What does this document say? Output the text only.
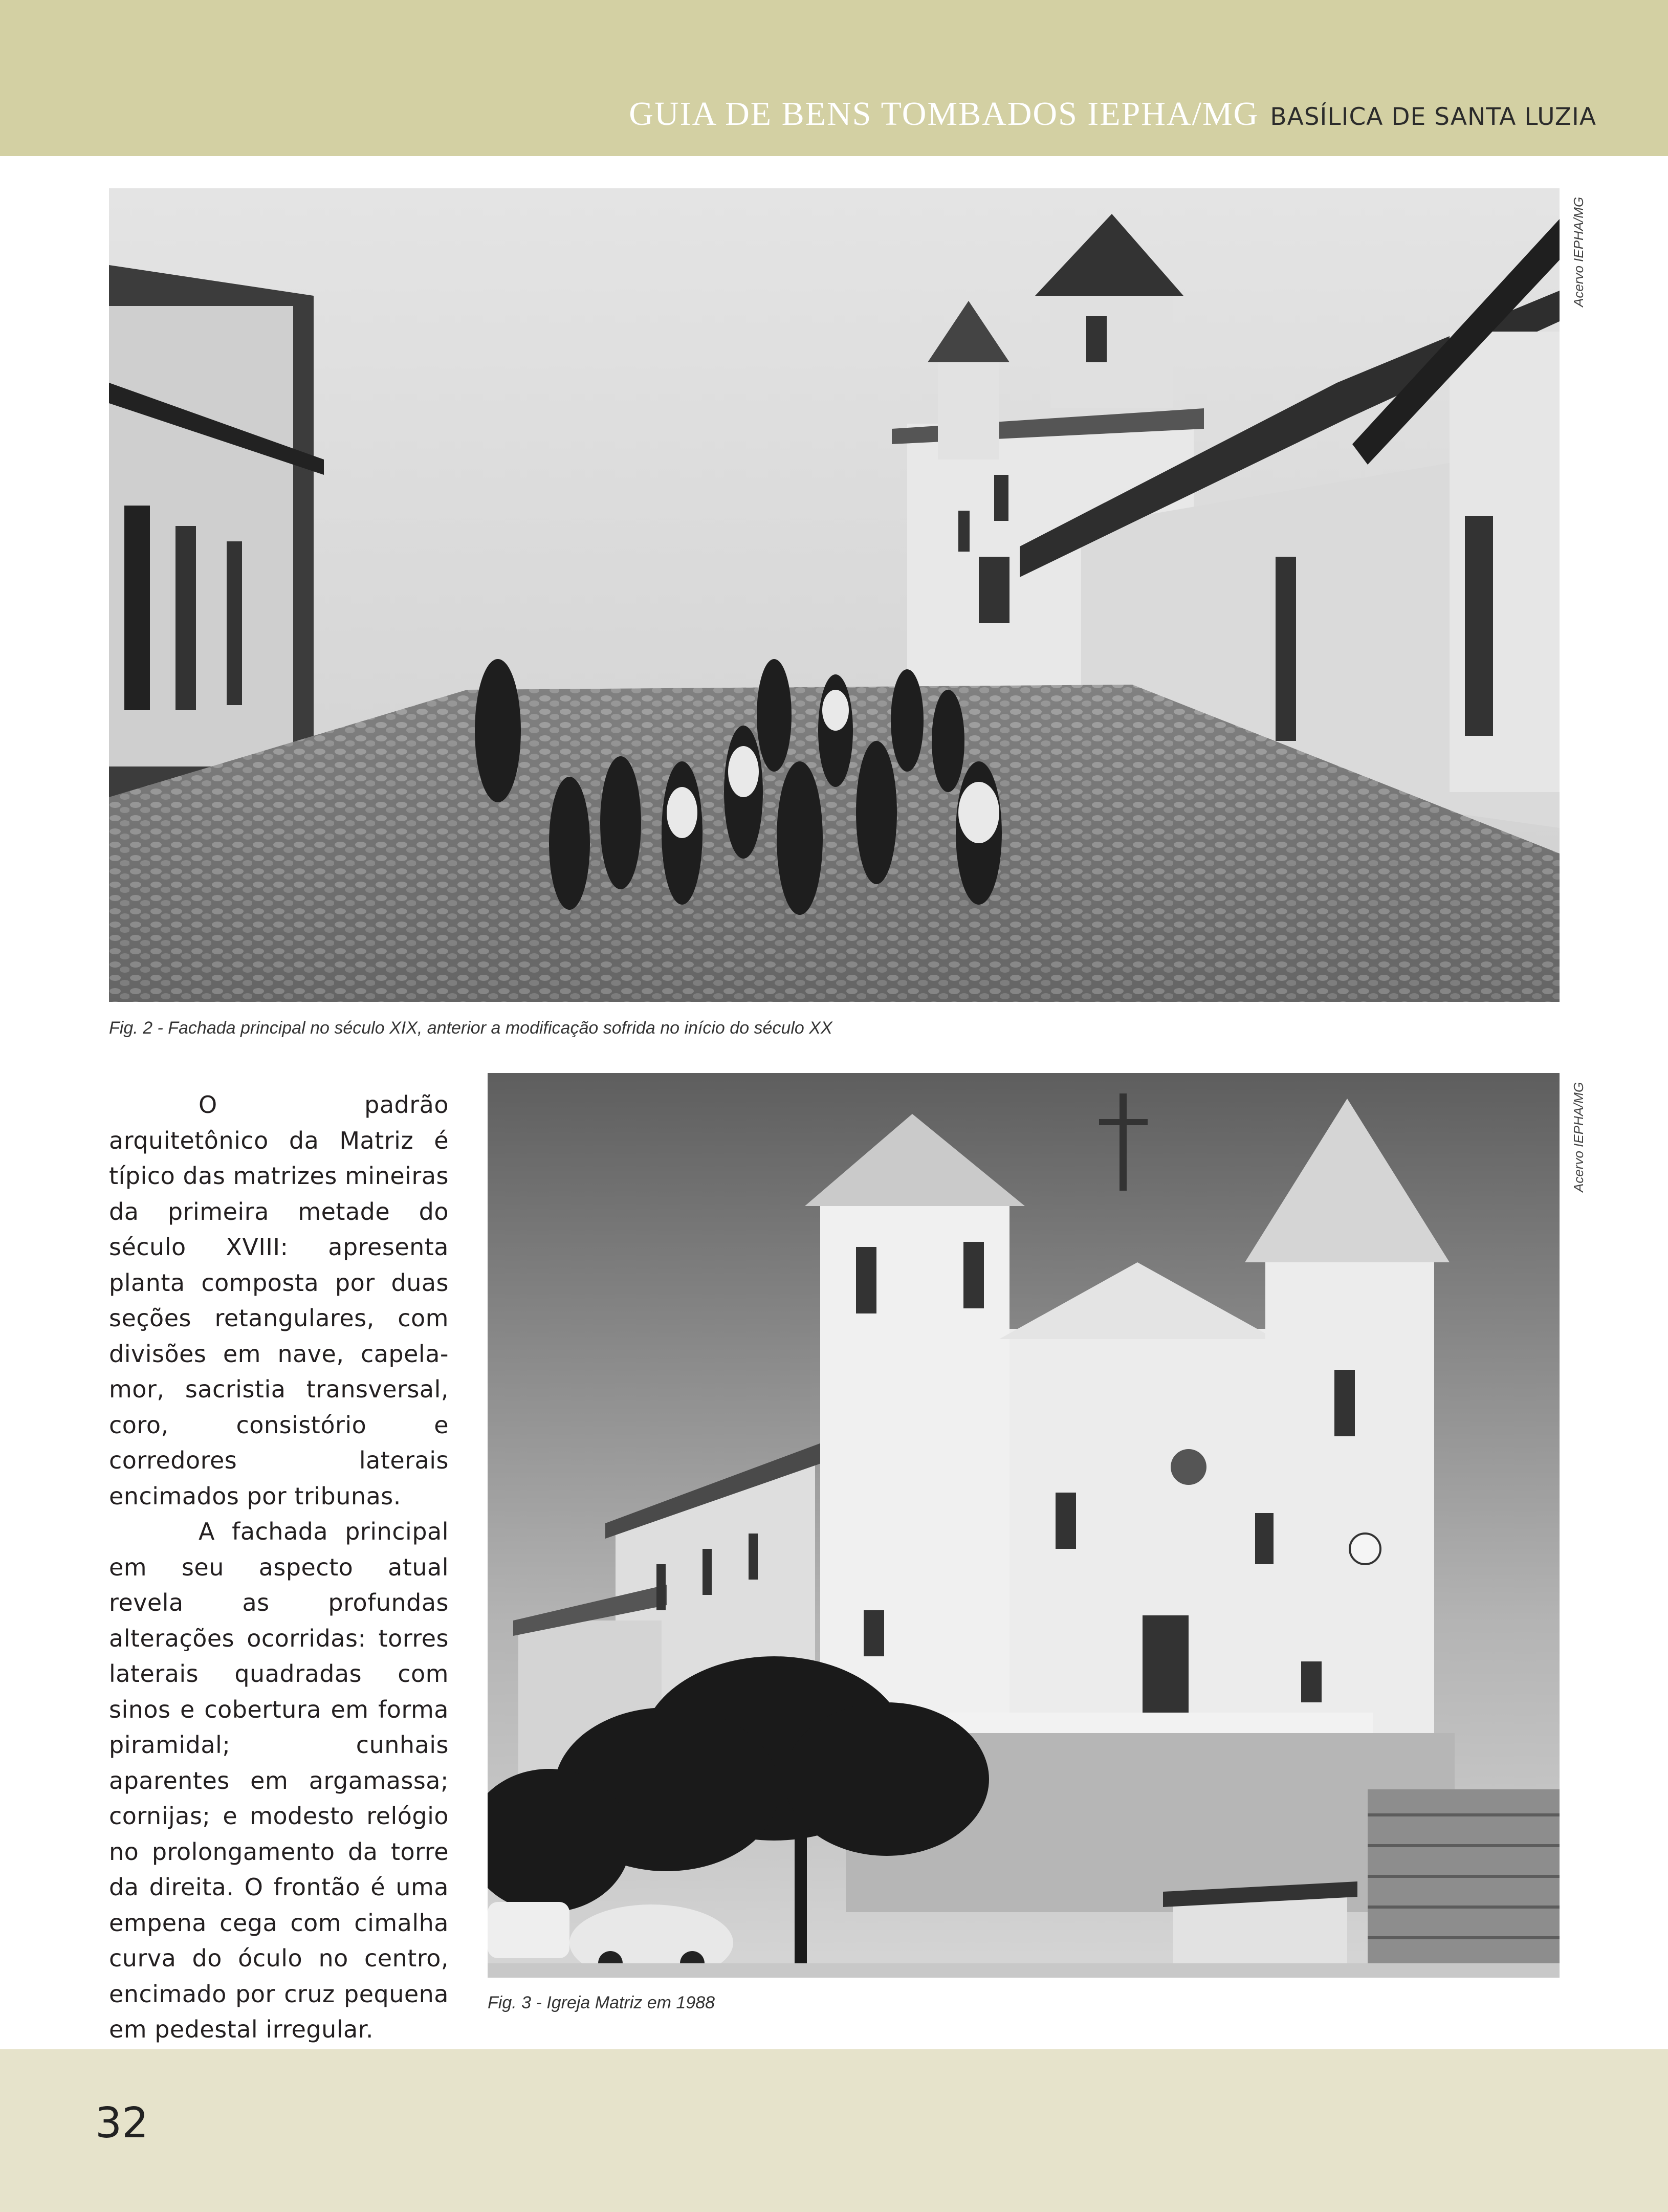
GUIA DE BENS TOMBADOS IEPHA/MG BASÍLICA DE SANTA LUZIA
Acervo IEPHA/MG
Fig. 2 - Fachada principal no século XIX, anterior a modificação sofrida no início do século XX
Acervo IEPHA/MG
Fig. 3 - Igreja Matriz em 1988

O padrão arquitetônico da Matriz é típico das matrizes mineiras da primeira metade do século XVIII: apresenta planta composta por duas seções retangulares, com divisões em nave, capela-mor, sacristia transversal, coro, consistório e corredores laterais encimados por tribunas.

A fachada principal em seu aspecto atual revela as profundas alterações ocorridas: torres laterais quadradas com sinos e cobertura em forma piramidal; cunhais aparentes em argamassa; cornijas; e modesto relógio no prolongamento da torre da direita. O frontão é uma empena cega com cimalha curva do óculo no centro, encimado por cruz pequena em pedestal irregular.

32
